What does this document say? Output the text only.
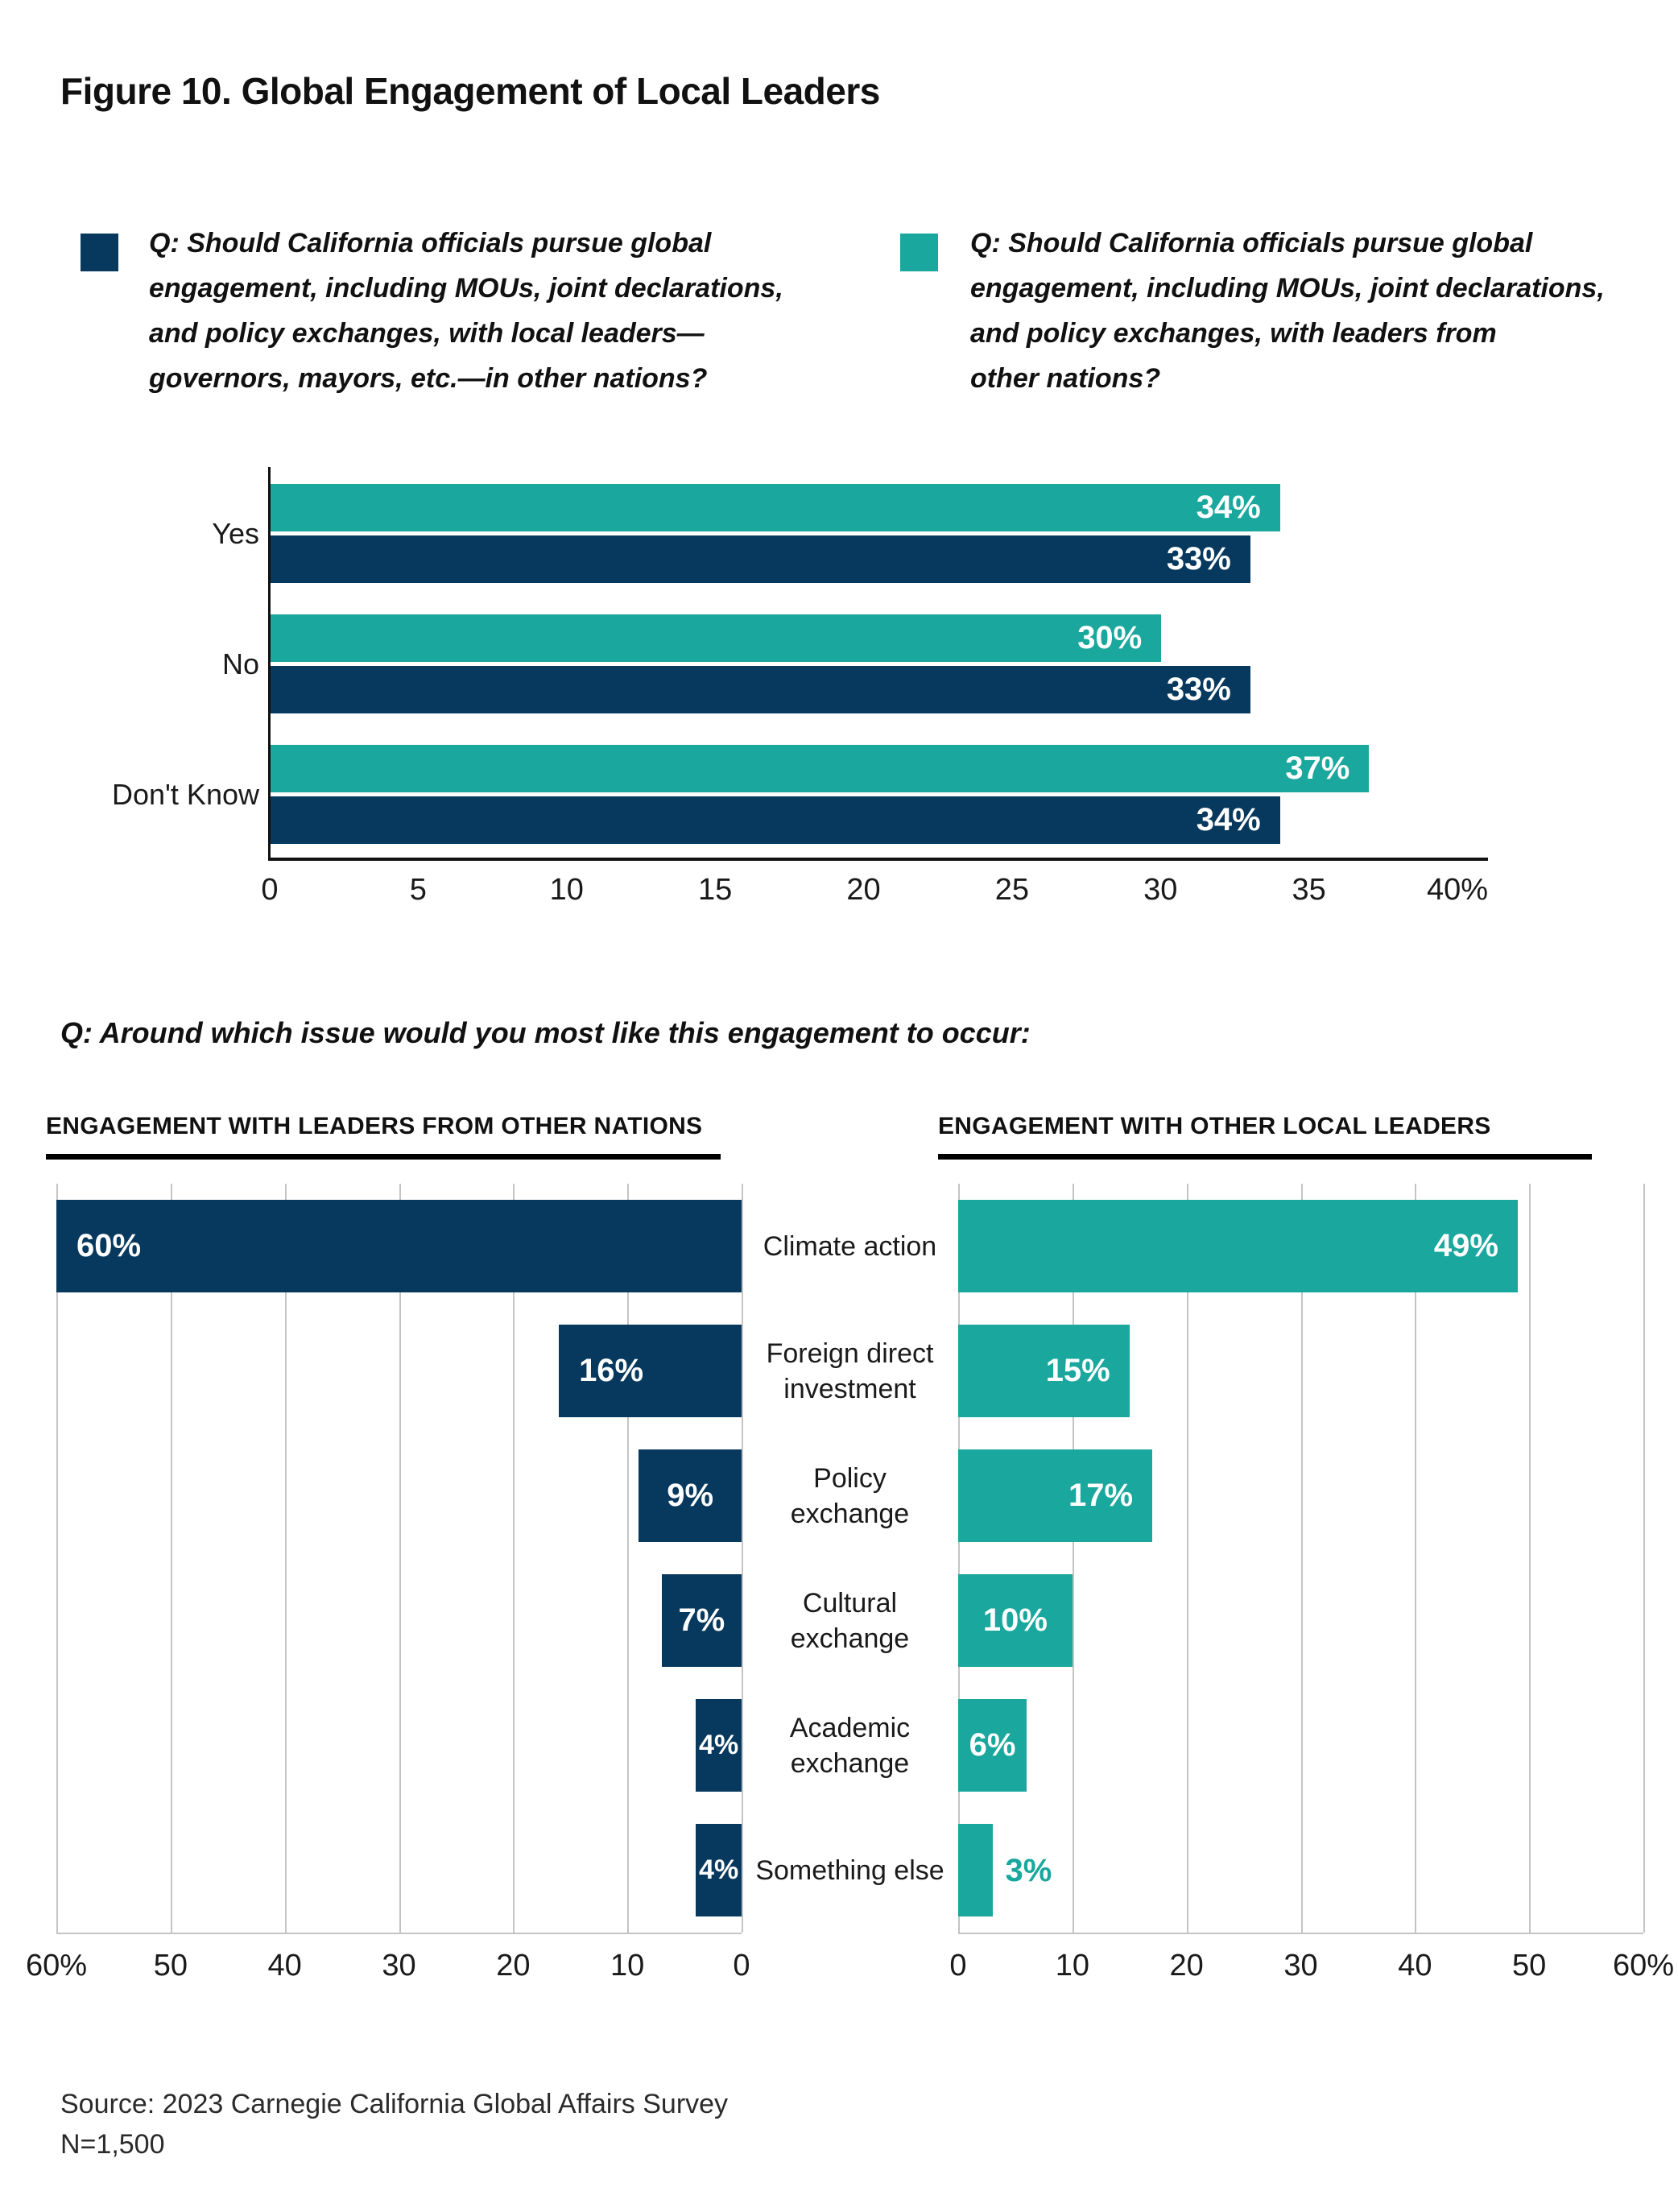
Figure 10. Global Engagement of Local Leaders
Q: Should California officials pursue global
engagement, including MOUs, joint declarations,
and policy exchanges, with local leaders—
governors, mayors, etc.—in other nations?
Q: Should California officials pursue global
engagement, including MOUs, joint declarations,
and policy exchanges, with leaders from
other nations?
34%
33%
Yes
30%
33%
No
37%
34%
Don't Know
0	5	10	15	20	25	30	35	40%
Q: Around which issue would you most like this engagement to occur:
ENGAGEMENT WITH LEADERS FROM OTHER NATIONS	ENGAGEMENT WITH OTHER LOCAL LEADERS
60%
16%
9%
7%
4%
4%
49%
15%
17%
10%
6%
3%
Climate action
Foreign direct
investment
Policy
exchange
Cultural
exchange
Academic
exchange
Something else
60%	50	40	30	20	10	0	0	10	20	30	40	50	60%
Source: 2023 Carnegie California Global Affairs Survey
N=1,500
